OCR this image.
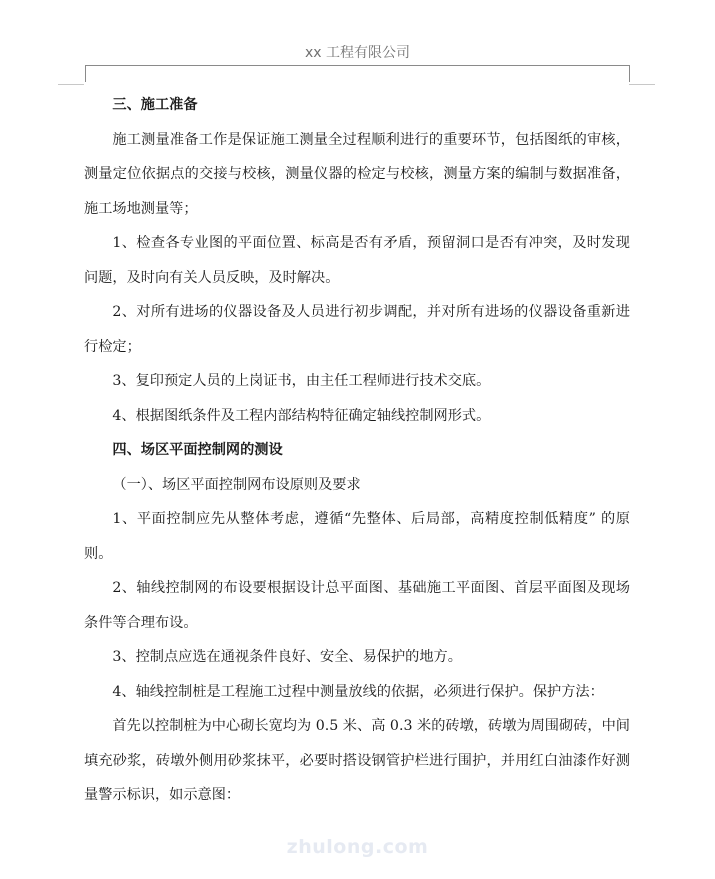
xx 工程有限公司

三、施工准备

施工测量准备工作是保证施工测量全过程顺利进行的重要环节，包括图纸的审核，测量定位依据点的交接与校核，测量仪器的检定与校核，测量方案的编制与数据准备，施工场地测量等；

1、检查各专业图的平面位置、标高是否有矛盾，预留洞口是否有冲突，及时发现问题，及时向有关人员反映，及时解决。

2、对所有进场的仪器设备及人员进行初步调配，并对所有进场的仪器设备重新进行检定；

3、复印预定人员的上岗证书，由主任工程师进行技术交底。

4、根据图纸条件及工程内部结构特征确定轴线控制网形式。

四、场区平面控制网的测设

（一）、场区平面控制网布设原则及要求

1、平面控制应先从整体考虑，遵循“先整体、后局部，高精度控制低精度” 的原则。

2、轴线控制网的布设要根据设计总平面图、基础施工平面图、首层平面图及现场条件等合理布设。

3、控制点应选在通视条件良好、安全、易保护的地方。

4、轴线控制桩是工程施工过程中测量放线的依据，必须进行保护。保护方法：

首先以控制桩为中心砌长宽均为 0.5 米、高 0.3 米的砖墩，砖墩为周围砌砖，中间填充砂浆，砖墩外侧用砂浆抹平，必要时搭设钢管护栏进行围护，并用红白油漆作好测量警示标识，如示意图：

zhulong.com
